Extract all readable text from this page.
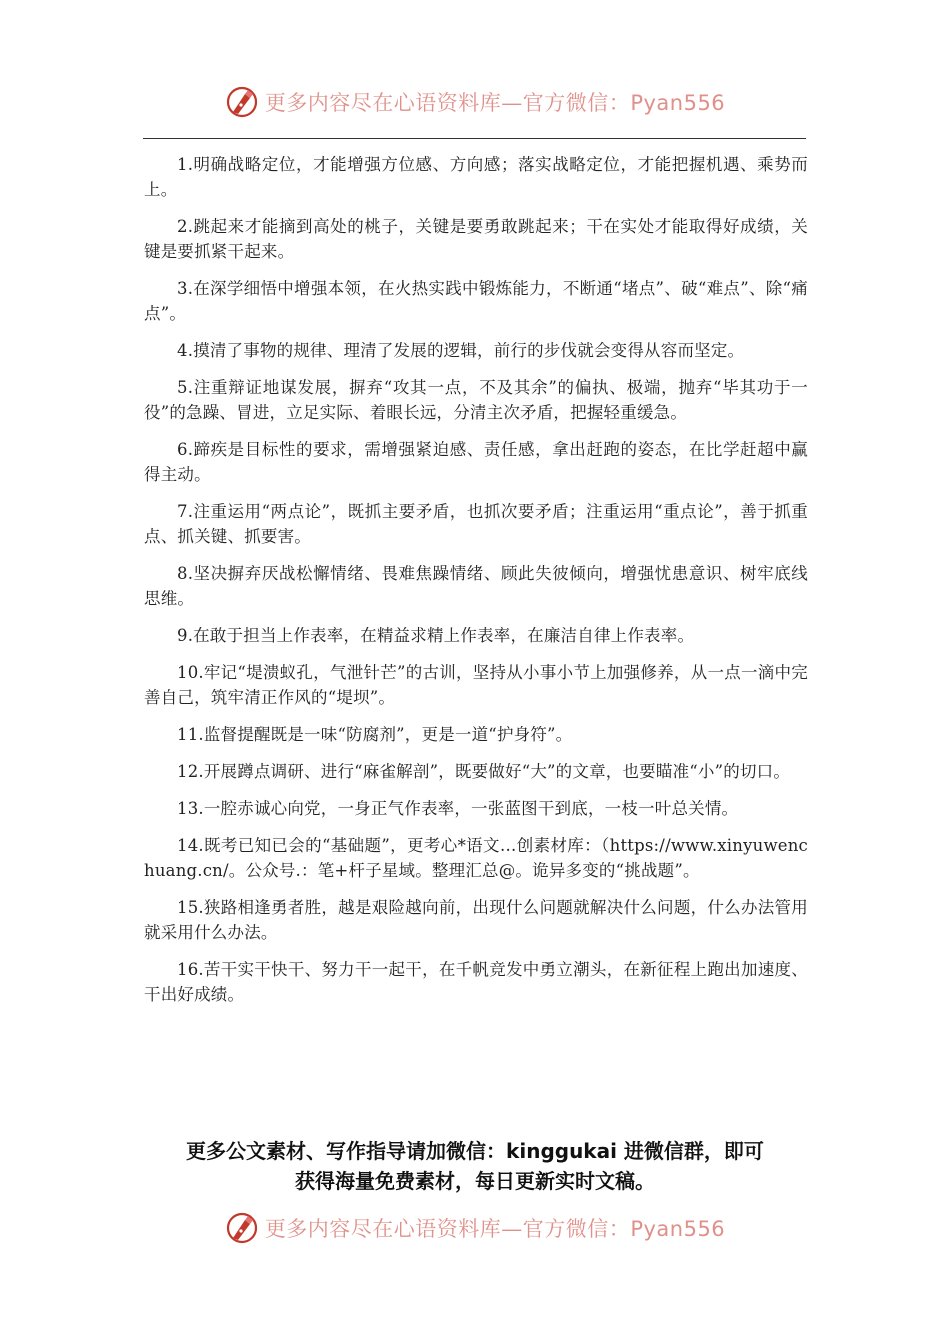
更多内容尽在心语资料库—官方微信：Pyan556

1.明确战略定位，才能增强方位感、方向感；落实战略定位，才能把握机遇、乘势而上。

2.跳起来才能摘到高处的桃子，关键是要勇敢跳起来；干在实处才能取得好成绩，关键是要抓紧干起来。

3.在深学细悟中增强本领，在火热实践中锻炼能力，不断通“堵点”、破“难点”、除“痛点”。

4.摸清了事物的规律、理清了发展的逻辑，前行的步伐就会变得从容而坚定。

5.注重辩证地谋发展，摒弃“攻其一点，不及其余”的偏执、极端，抛弃“毕其功于一役”的急躁、冒进，立足实际、着眼长远，分清主次矛盾，把握轻重缓急。

6.蹄疾是目标性的要求，需增强紧迫感、责任感，拿出赶跑的姿态，在比学赶超中赢得主动。

7.注重运用“两点论”，既抓主要矛盾，也抓次要矛盾；注重运用“重点论”，善于抓重点、抓关键、抓要害。

8.坚决摒弃厌战松懈情绪、畏难焦躁情绪、顾此失彼倾向，增强忧患意识、树牢底线思维。

9.在敢于担当上作表率，在精益求精上作表率，在廉洁自律上作表率。

10.牢记“堤溃蚁孔，气泄针芒”的古训，坚持从小事小节上加强修养，从一点一滴中完善自己，筑牢清正作风的“堤坝”。

11.监督提醒既是一味“防腐剂”，更是一道“护身符”。

12.开展蹲点调研、进行“麻雀解剖”，既要做好“大”的文章，也要瞄准“小”的切口。

13.一腔赤诚心向党，一身正气作表率，一张蓝图干到底，一枝一叶总关情。

14.既考已知已会的“基础题”，更考心*语文…创素材库：（https://www.xinyuwenchuang.cn/。公众号.：笔+杆子星域。整理汇总@。诡异多变的“挑战题”。

15.狭路相逢勇者胜，越是艰险越向前，出现什么问题就解决什么问题，什么办法管用就采用什么办法。

16.苦干实干快干、努力干一起干，在千帆竞发中勇立潮头，在新征程上跑出加速度、干出好成绩。

更多公文素材、写作指导请加微信：kinggukai 进微信群，即可
获得海量免费素材，每日更新实时文稿。
更多内容尽在心语资料库—官方微信：Pyan556
